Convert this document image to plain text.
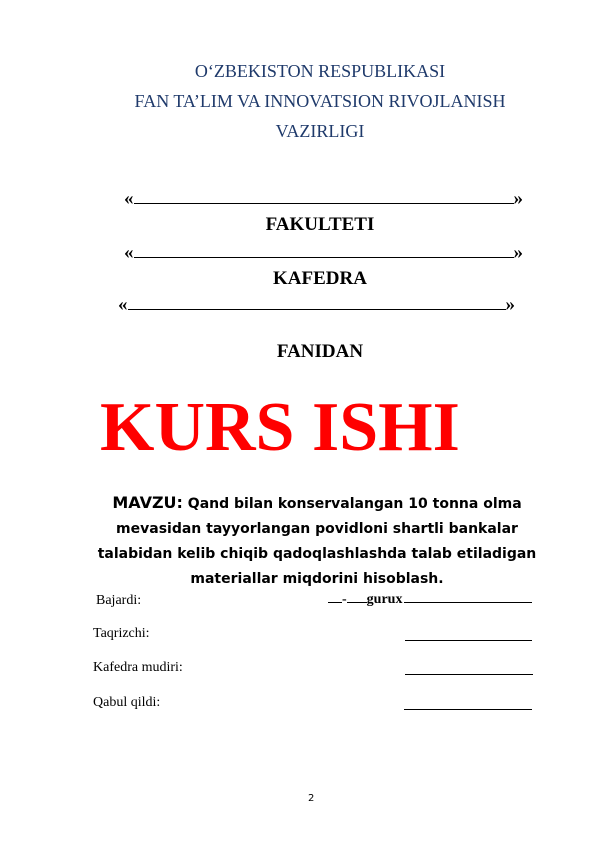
O‘ZBEKISTON RESPUBLIKASI
FAN TA’LIM VA INNOVATSION RIVOJLANISH
VAZIRLIGI
«	»
FAKULTETI
«	»
KAFEDRA
«	»
FANIDAN
KURS ISHI
MAVZU: Qand bilan konservalangan 10 tonna olma mevasidan tayyorlangan povidloni shartli bankalar talabidan kelib chiqib qadoqlashlashda talab etiladigan materiallar miqdorini hisoblash.
Bajardi:	- gurux
Taqrizchi:
Kafedra mudiri:
Qabul qildi:
2
